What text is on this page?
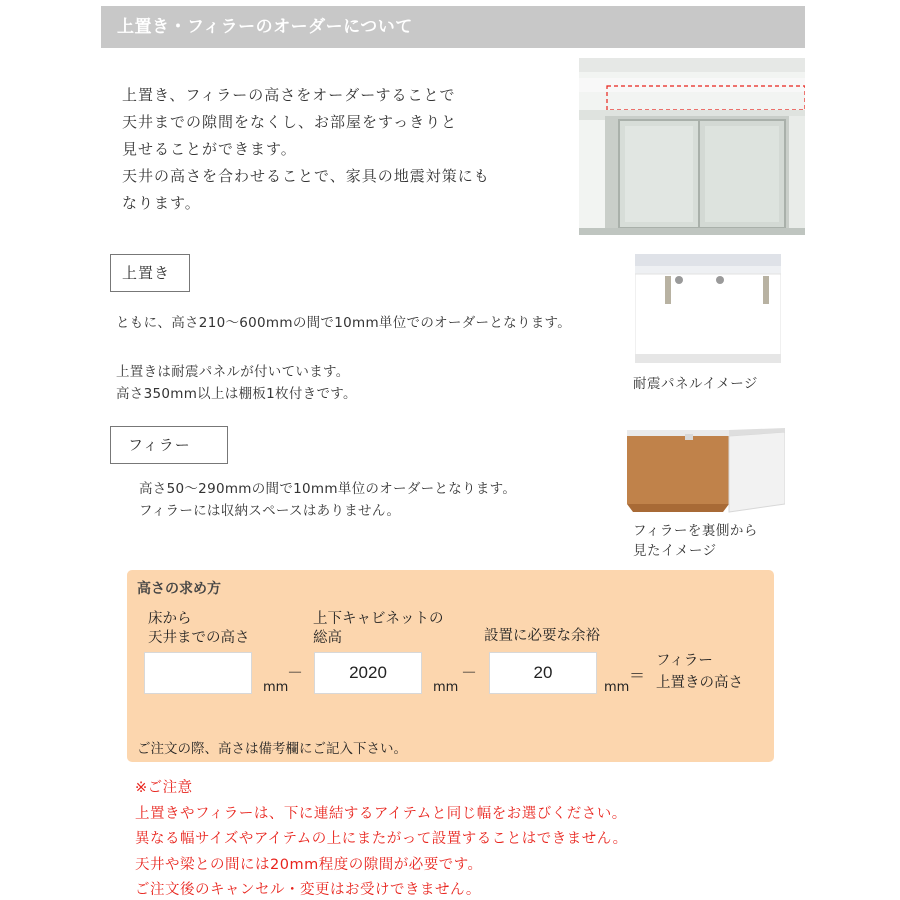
上置き・フィラーのオーダーについて

上置き、フィラーの高さをオーダーすることで

天井までの隙間をなくし、お部屋をすっきりと

見せることができます。

天井の高さを合わせることで、家具の地震対策にも

なります。

上置き
ともに、高さ210～600mmの間で10mm単位でのオーダーとなります。
上置きは耐震パネルが付いています。
高さ350mm以上は棚板1枚付きです。
耐震パネルイメージ
フィラー
高さ50～290mmの間で10mm単位のオーダーとなります。
フィラーには収納スペースはありません。
フィラーを裏側から
見たイメージ
高さの求め方
床から
天井までの高さ
mm
－
上下キャビネットの
総高
2020
mm
－
設置に必要な余裕
20
mm
＝
フィラー
上置きの高さ
ご注文の際、高さは備考欄にご記入下さい。

※ご注意

上置きやフィラーは、下に連結するアイテムと同じ幅をお選びください。

異なる幅サイズやアイテムの上にまたがって設置することはできません。

天井や梁との間には20mm程度の隙間が必要です。

ご注文後のキャンセル・変更はお受けできません。
